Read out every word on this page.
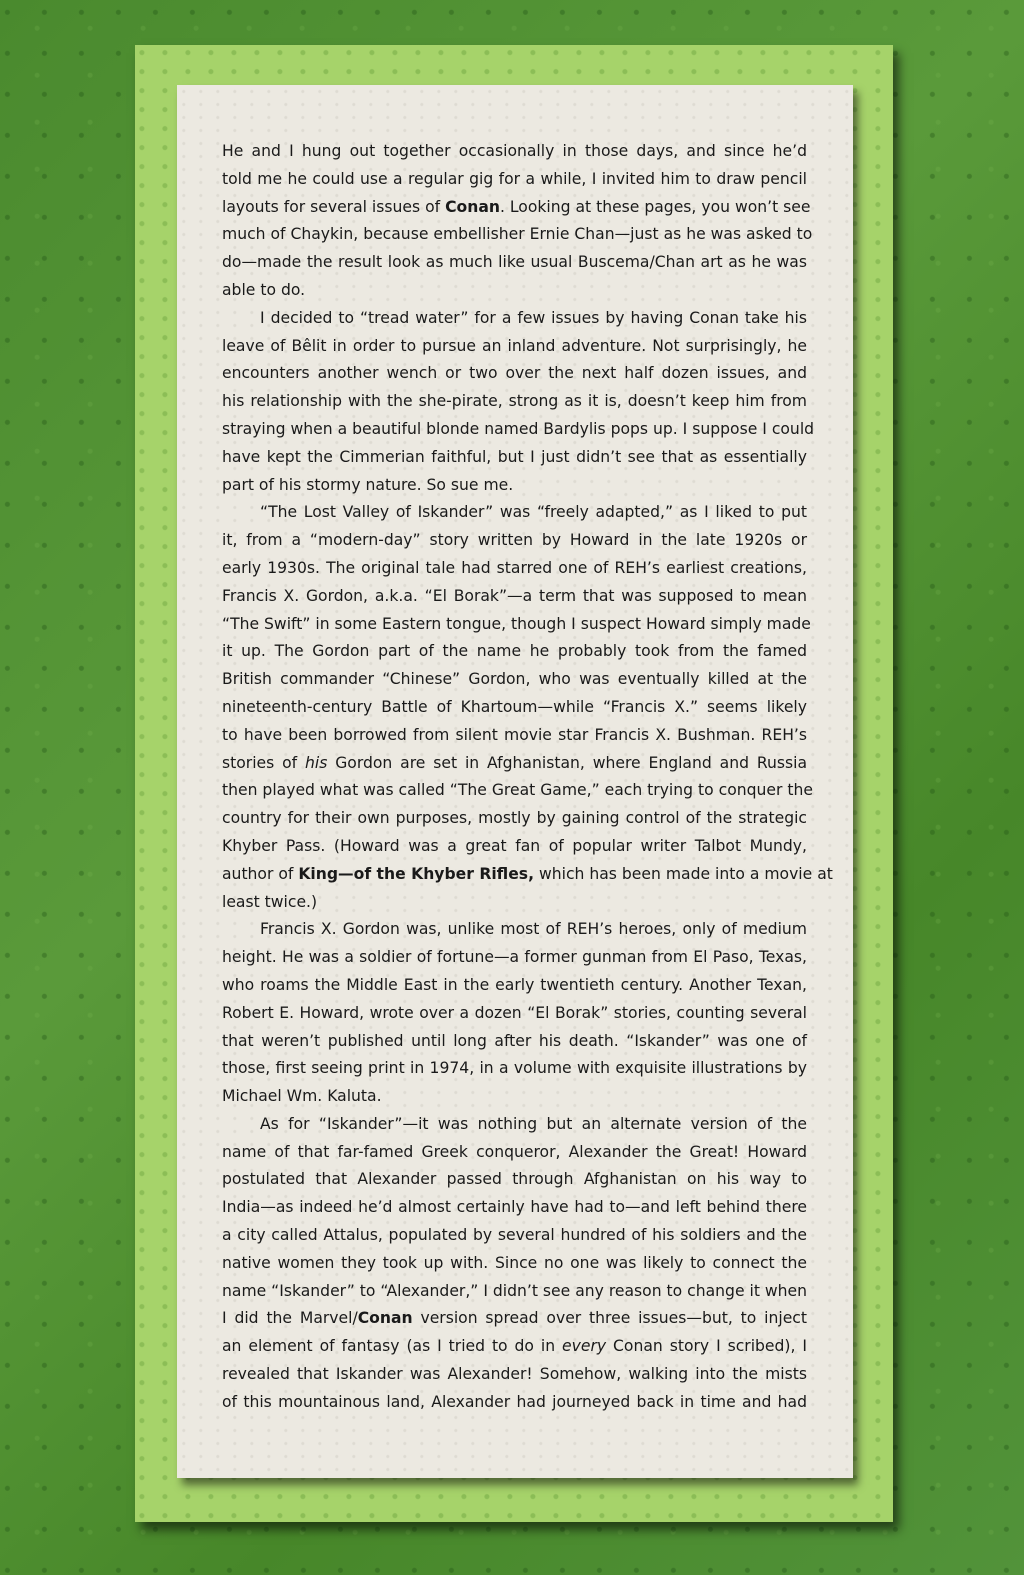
He and I hung out together occasionally in those days, and since he’d
told me he could use a regular gig for a while, I invited him to draw pencil
layouts for several issues of Conan. Looking at these pages, you won’t see
much of Chaykin, because embellisher Ernie Chan—just as he was asked to
do—made the result look as much like usual Buscema/Chan art as he was
able to do.
I decided to “tread water” for a few issues by having Conan take his
leave of Bêlit in order to pursue an inland adventure. Not surprisingly, he
encounters another wench or two over the next half dozen issues, and
his relationship with the she-pirate, strong as it is, doesn’t keep him from
straying when a beautiful blonde named Bardylis pops up. I suppose I could
have kept the Cimmerian faithful, but I just didn’t see that as essentially
part of his stormy nature. So sue me.
“The Lost Valley of Iskander” was “freely adapted,” as I liked to put
it, from a “modern-day” story written by Howard in the late 1920s or
early 1930s. The original tale had starred one of REH’s earliest creations,
Francis X. Gordon, a.k.a. “El Borak”—a term that was supposed to mean
“The Swift” in some Eastern tongue, though I suspect Howard simply made
it up. The Gordon part of the name he probably took from the famed
British commander “Chinese” Gordon, who was eventually killed at the
nineteenth-century Battle of Khartoum—while “Francis X.” seems likely
to have been borrowed from silent movie star Francis X. Bushman. REH’s
stories of his Gordon are set in Afghanistan, where England and Russia
then played what was called “The Great Game,” each trying to conquer the
country for their own purposes, mostly by gaining control of the strategic
Khyber Pass. (Howard was a great fan of popular writer Talbot Mundy,
author of King—of the Khyber Rifles, which has been made into a movie at
least twice.)
Francis X. Gordon was, unlike most of REH’s heroes, only of medium
height. He was a soldier of fortune—a former gunman from El Paso, Texas,
who roams the Middle East in the early twentieth century. Another Texan,
Robert E. Howard, wrote over a dozen “El Borak” stories, counting several
that weren’t published until long after his death. “Iskander” was one of
those, first seeing print in 1974, in a volume with exquisite illustrations by
Michael Wm. Kaluta.
As for “Iskander”—it was nothing but an alternate version of the
name of that far-famed Greek conqueror, Alexander the Great! Howard
postulated that Alexander passed through Afghanistan on his way to
India—as indeed he’d almost certainly have had to—and left behind there
a city called Attalus, populated by several hundred of his soldiers and the
native women they took up with. Since no one was likely to connect the
name “Iskander” to “Alexander,” I didn’t see any reason to change it when
I did the Marvel/Conan version spread over three issues—but, to inject
an element of fantasy (as I tried to do in every Conan story I scribed), I
revealed that Iskander was Alexander! Somehow, walking into the mists
of this mountainous land, Alexander had journeyed back in time and had
